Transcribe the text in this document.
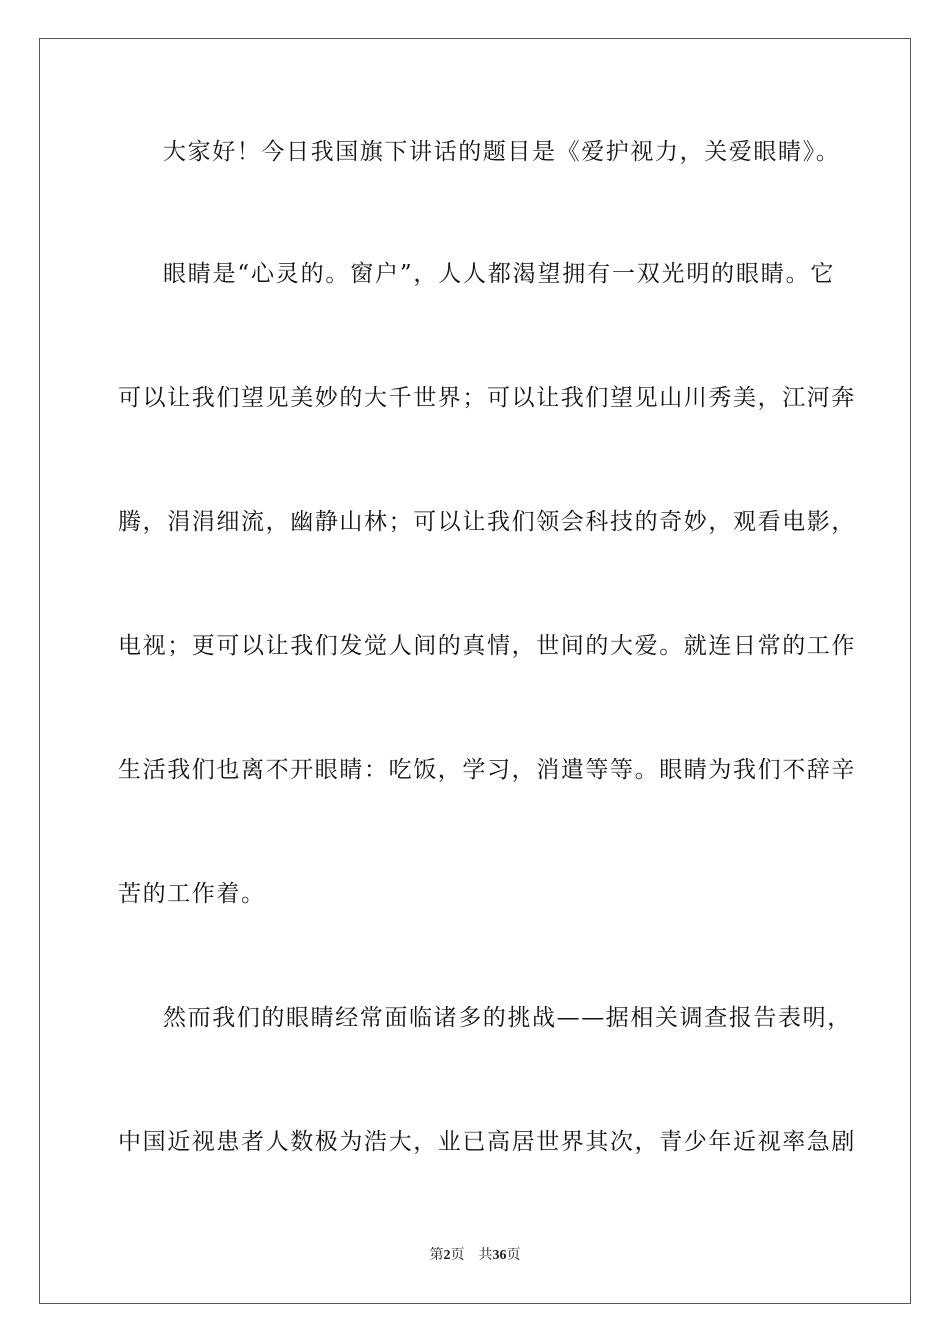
大家好！今日我国旗下讲话的题目是《爱护视力，关爱眼睛》。
眼睛是“心灵的。窗户”，人人都渴望拥有一双光明的眼睛。它
可以让我们望见美妙的大千世界；可以让我们望见山川秀美，江河奔
腾，涓涓细流，幽静山林；可以让我们领会科技的奇妙，观看电影，
电视；更可以让我们发觉人间的真情，世间的大爱。就连日常的工作
生活我们也离不开眼睛：吃饭，学习，消遣等等。眼睛为我们不辞辛
苦的工作着。
然而我们的眼睛经常面临诸多的挑战——据相关调查报告表明，
中国近视患者人数极为浩大，业已高居世界其次，青少年近视率急剧
第2页 共36页
